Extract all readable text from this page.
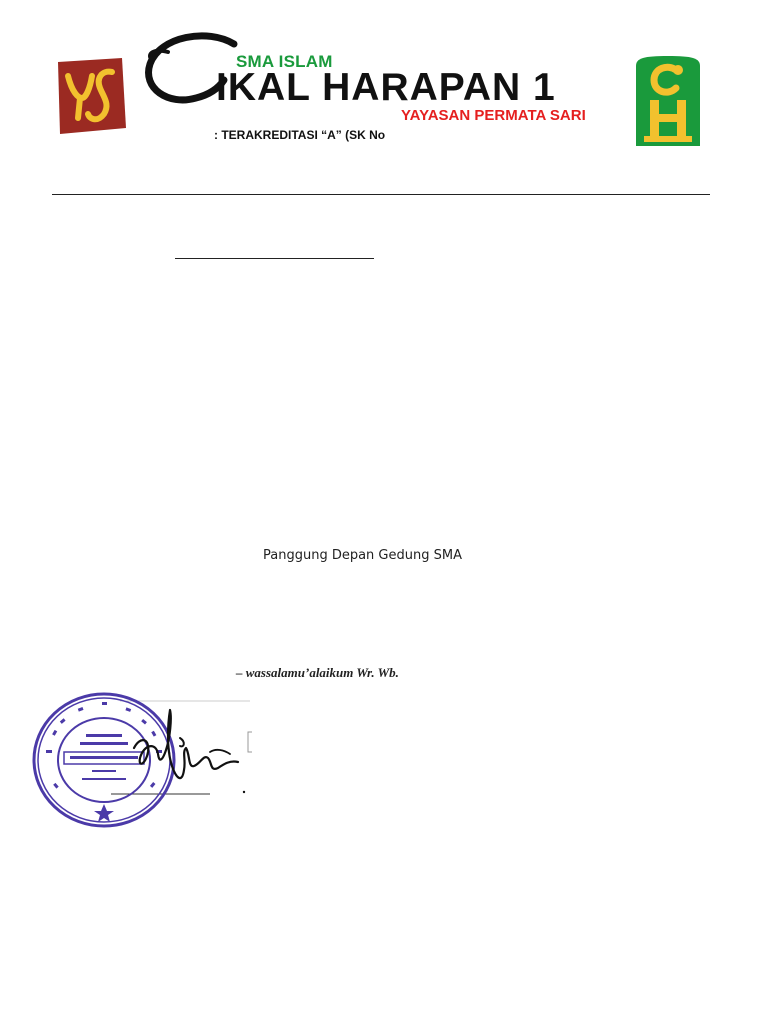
SMA ISLAM
IKAL HARAPAN 1
YAYASAN PERMATA SARI
: TERAKREDITASI “A” (SK No
Panggung Depan Gedung SMA
– wassalamu’alaikum Wr. Wb.
